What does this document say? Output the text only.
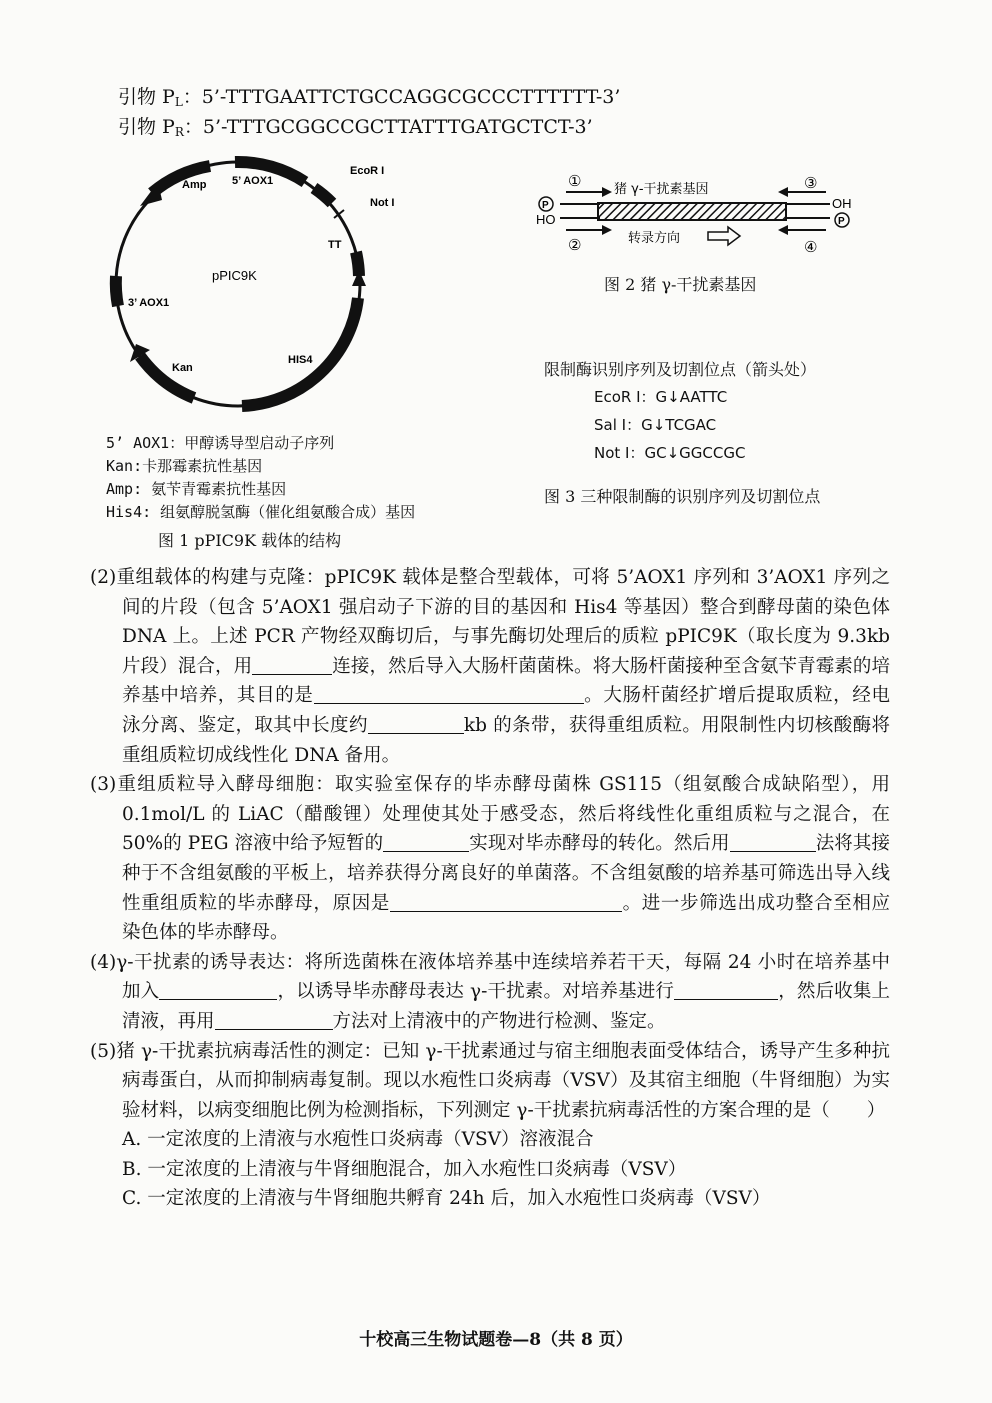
引物 $P_L$：5’-TTTGAATTCTGCCAGGCGCCCTTTTTT-3’
引物 $P_R$：5’-TTTGCGGCCGCTTATTTGATGCTCT-3’
pPIC9K
Amp 5’ AOX1
EcoR I
Not I
TT
3’ AOX1
Kan
HIS4
5’ AOX1：甲醇诱导型启动子序列
Kan:卡那霉素抗性基因
Amp: 氨苄青霉素抗性基因
His4: 组氨醇脱氢酶（催化组氨酸合成）基因
图 1 pPIC9K 载体的结构
P
HO
OH
P
①
②
③
④
猪 γ-干扰素基因
转录方向
图 2 猪 γ-干扰素基因
限制酶识别序列及切割位点（箭头处）
EcoR Ⅰ：G↓AATTC
Sal Ⅰ：G↓TCGAC
Not Ⅰ：GC↓GGCCGC
图 3 三种限制酶的识别序列及切割位点

(2)重组载体的构建与克隆：pPIC9K 载体是整合型载体，可将 5’AOX1 序列和 3’AOX1 序列之间的片段（包含 5’AOX1 强启动子下游的目的基因和 His4 等基因）整合到酵母菌的染色体 DNA 上。上述 PCR 产物经双酶切后，与事先酶切处理后的质粒 pPIC9K（取长度为 9.3kb 片段）混合，用	连接，然后导入大肠杆菌菌株。将大肠杆菌接种至含氨苄青霉素的培养基中培养，其目的是	。大肠杆菌经扩增后提取质粒，经电泳分离、鉴定，取其中长度约	kb 的条带，获得重组质粒。用限制性内切核酸酶将重组质粒切成线性化 DNA 备用。

(3)重组质粒导入酵母细胞：取实验室保存的毕赤酵母菌株 GS115（组氨酸合成缺陷型），用 0.1mol/L 的 LiAC（醋酸锂）处理使其处于感受态，然后将线性化重组质粒与之混合，在 50%的 PEG 溶液中给予短暂的	实现对毕赤酵母的转化。然后用	法将其接种于不含组氨酸的平板上，培养获得分离良好的单菌落。不含组氨酸的培养基可筛选出导入线性重组质粒的毕赤酵母，原因是	。进一步筛选出成功整合至相应染色体的毕赤酵母。

(4)γ-干扰素的诱导表达：将所选菌株在液体培养基中连续培养若干天，每隔 24 小时在培养基中加入	，以诱导毕赤酵母表达 γ-干扰素。对培养基进行	，然后收集上清液，再用	方法对上清液中的产物进行检测、鉴定。

(5)猪 γ-干扰素抗病毒活性的测定：已知 γ-干扰素通过与宿主细胞表面受体结合，诱导产生多种抗病毒蛋白，从而抑制病毒复制。现以水疱性口炎病毒（VSV）及其宿主细胞（牛肾细胞）为实验材料，以病变细胞比例为检测指标，下列测定 γ-干扰素抗病毒活性的方案合理的是（　　）

A. 一定浓度的上清液与水疱性口炎病毒（VSV）溶液混合

B. 一定浓度的上清液与牛肾细胞混合，加入水疱性口炎病毒（VSV）

C. 一定浓度的上清液与牛肾细胞共孵育 24h 后，加入水疱性口炎病毒（VSV）

十校高三生物试题卷—8（共 8 页）
